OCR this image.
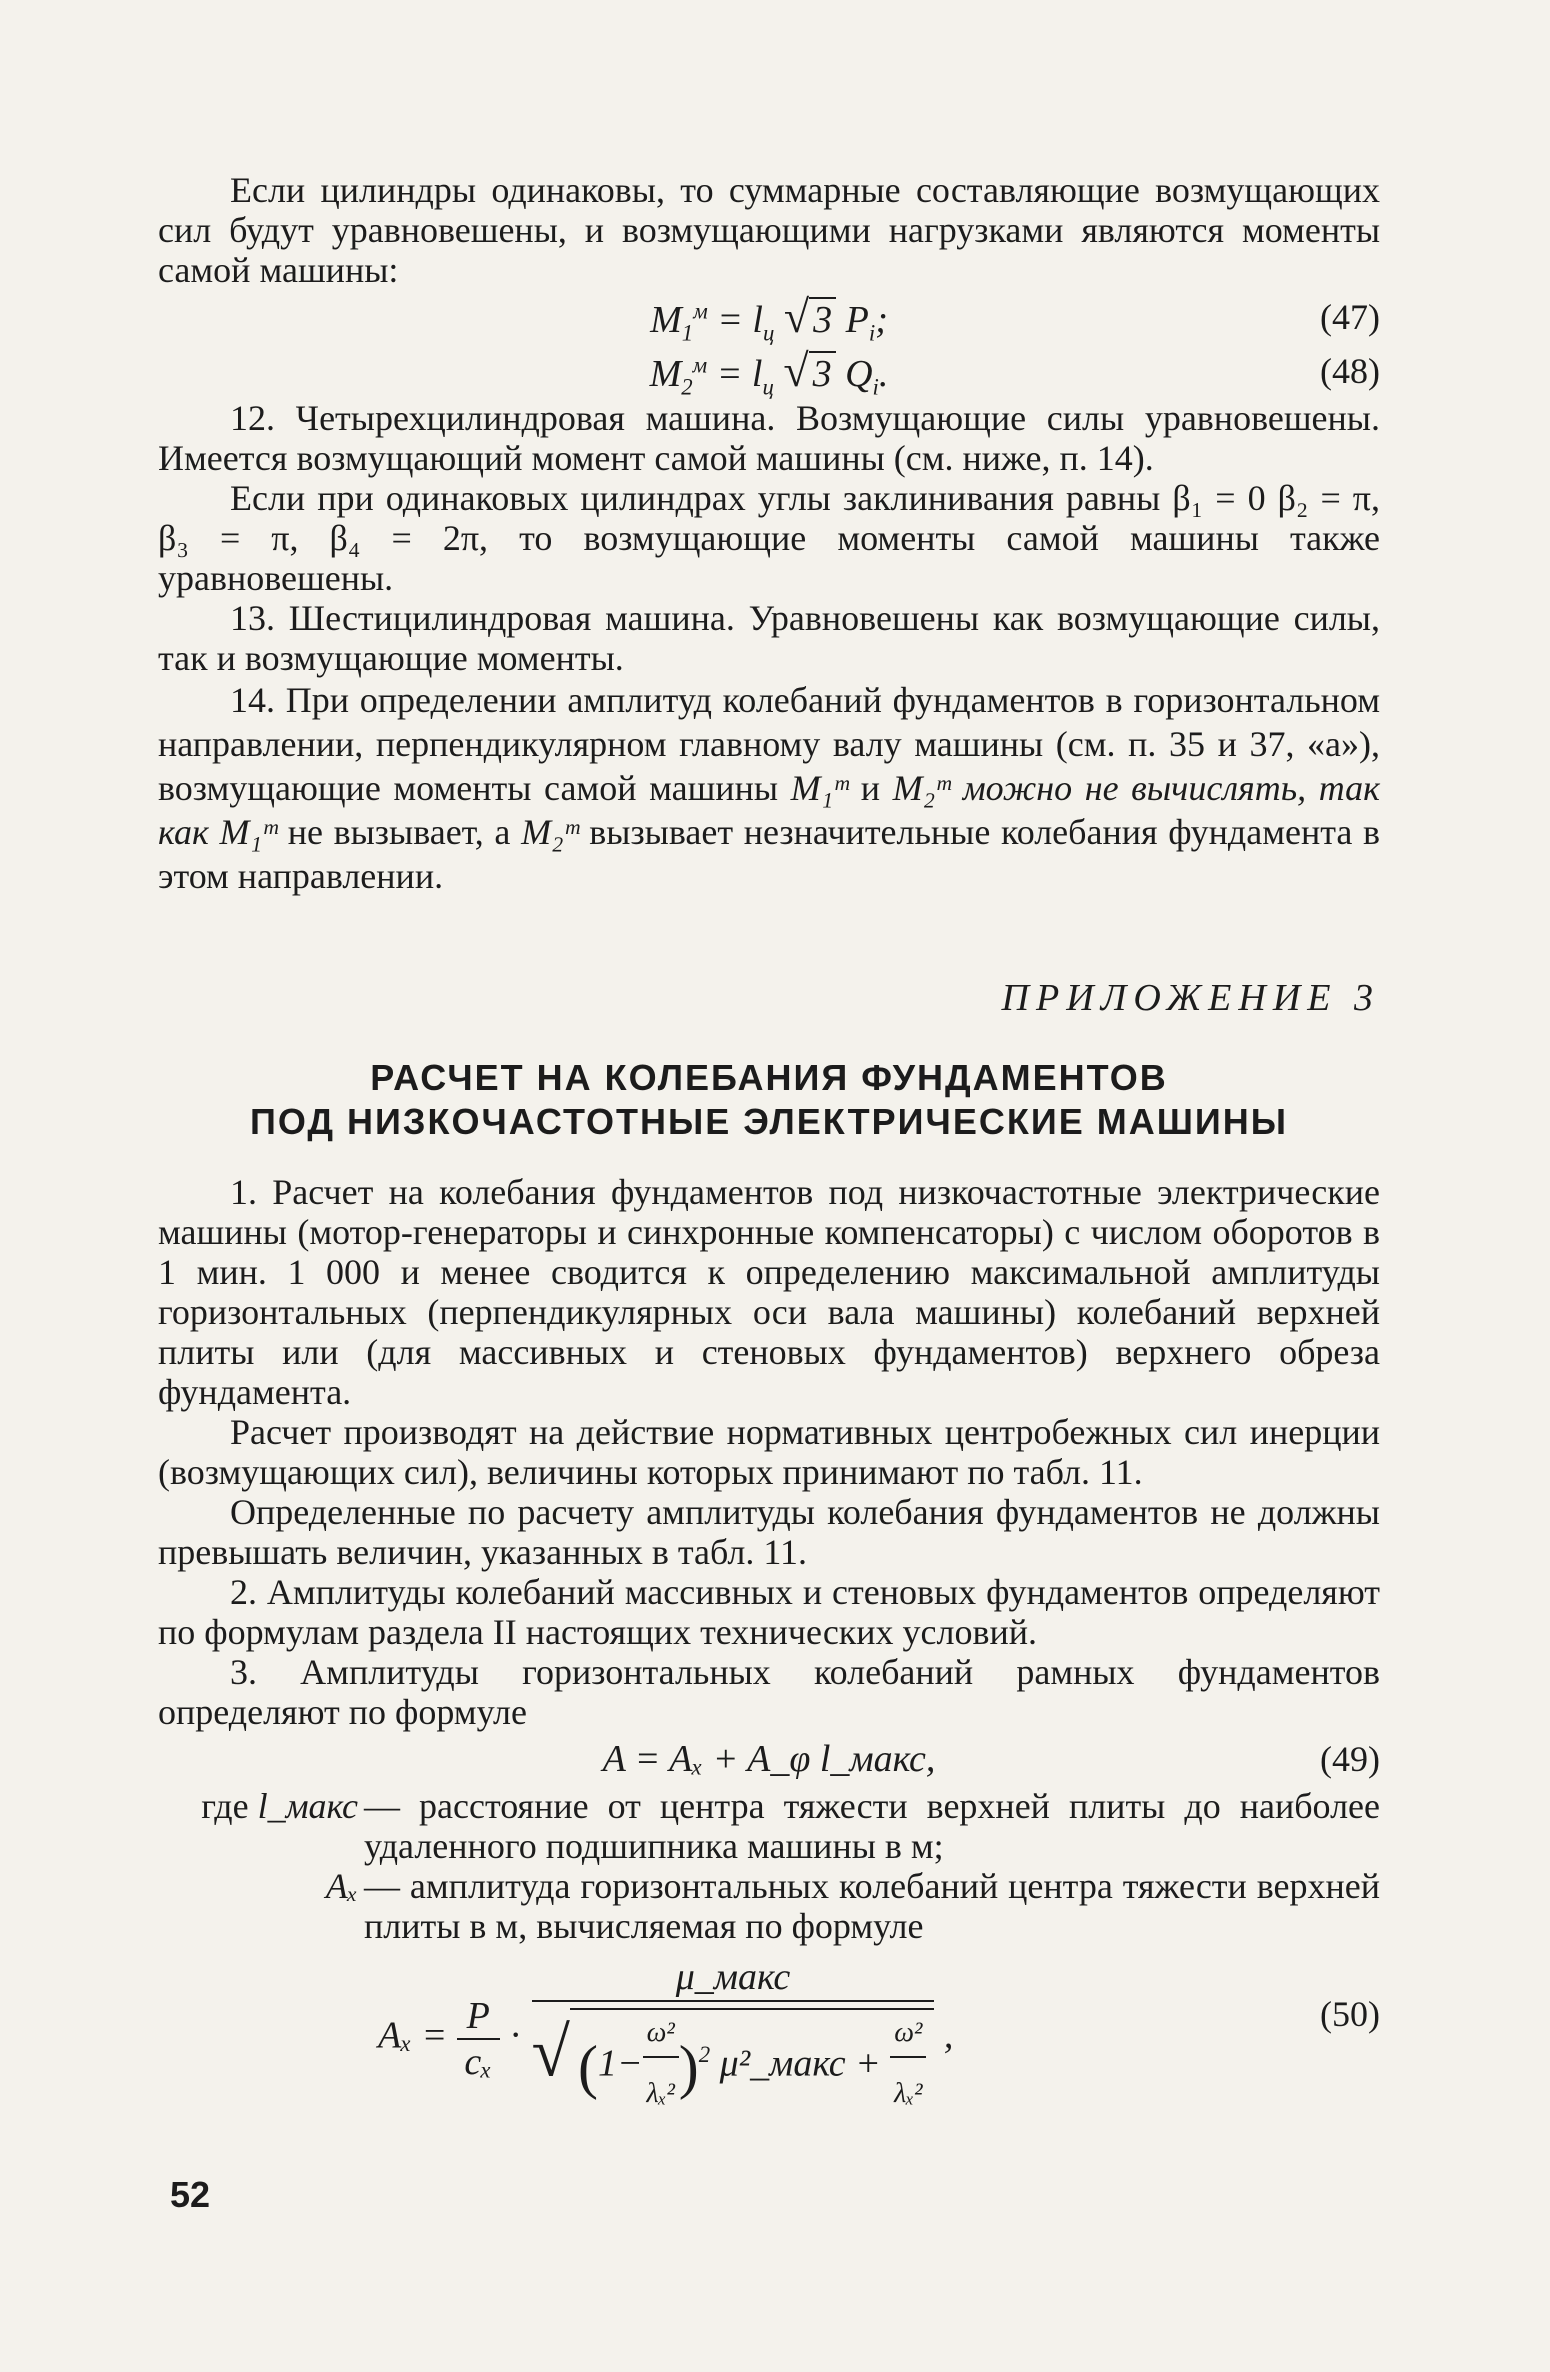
Если цилиндры одинаковы, то суммарные составляющие возмущающих сил будут уравновешены, и возмущающими нагрузками являются моменты самой машины:

$M_1^м = l_ц$ √ 3 $P_i$;	(47)
$M_2^м = l_ц$ √ 3 $Q_i$.	(48)

12. Четырехцилиндровая машина. Возмущающие силы уравновешены. Имеется возмущающий момент самой машины (см. ниже, п. 14).

Если при одинаковых цилиндрах углы заклинивания равны β₁ = 0 β₂ = π, β₃ = π, β₄ = 2π, то возмущающие моменты самой машины также уравновешены.

13. Шестицилиндровая машина. Уравновешены как возмущающие силы, так и возмущающие моменты.

14. При определении амплитуд колебаний фундаментов в горизонтальном направлении, перпендикулярном главному валу машины (см. п. 35 и 37, «а»), возмущающие моменты самой машины M₁ᵐ и M₂ᵐ можно не вычислять, так как M₁ᵐ не вызывает, а M₂ᵐ вызывает незначительные колебания фундамента в этом направлении.

ПРИЛОЖЕНИЕ 3
РАСЧЕТ НА КОЛЕБАНИЯ ФУНДАМЕНТОВ
ПОД НИЗКОЧАСТОТНЫЕ ЭЛЕКТРИЧЕСКИЕ МАШИНЫ

1. Расчет на колебания фундаментов под низкочастотные электрические машины (мотор-генераторы и синхронные компенсаторы) с числом оборотов в 1 мин. 1 000 и менее сводится к определению максимальной амплитуды горизонтальных (перпендикулярных оси вала машины) колебаний верхней плиты или (для массивных и стеновых фундаментов) верхнего обреза фундамента.

Расчет производят на действие нормативных центробежных сил инерции (возмущающих сил), величины которых принимают по табл. 11.

Определенные по расчету амплитуды колебания фундаментов не должны превышать величин, указанных в табл. 11.

2. Амплитуды колебаний массивных и стеновых фундаментов определяют по формулам раздела II настоящих технических условий.

3. Амплитуды горизонтальных колебаний рамных фундаментов определяют по формуле

A = Aₓ + A_φ l_макс,	(49)
где l_макс — расстояние от центра тяжести верхней плиты до наиболее удаленного подшипника машины в м;
Aₓ — амплитуда горизонтальных колебаний центра тяжести верхней плиты в м, вычисляемая по формуле
$A_x = \frac{P}{\text{cₓ}}$ ·
μ_макс
√ $(1- \frac{\text{ω²}}{\text{λₓ²}} )^2$ μ²_макс + $\frac{\text{ω²}}{\text{λₓ²}}$ ,
(50)
52
